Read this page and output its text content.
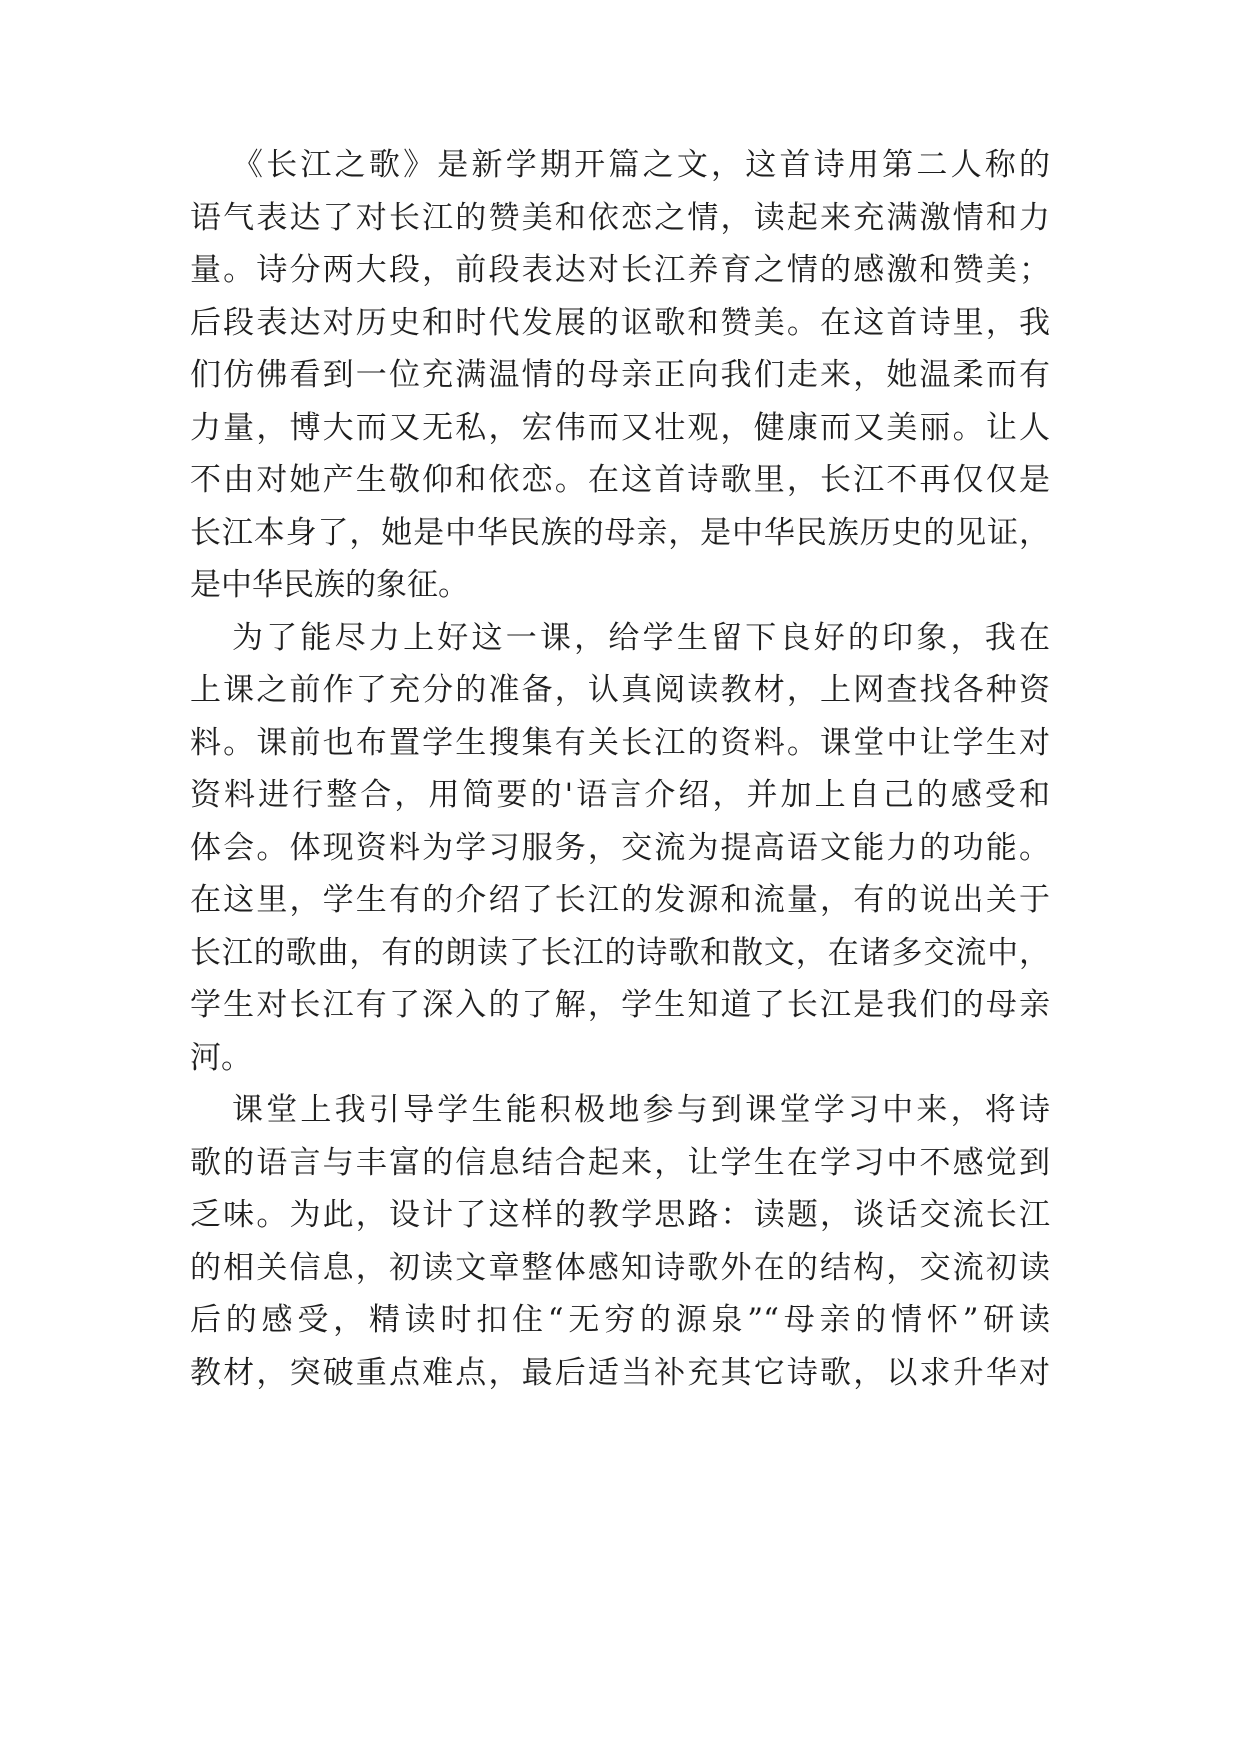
《长江之歌》是新学期开篇之文，这首诗用第二人称的
语气表达了对长江的赞美和依恋之情，读起来充满激情和力
量。诗分两大段，前段表达对长江养育之情的感激和赞美；
后段表达对历史和时代发展的讴歌和赞美。在这首诗里，我
们仿佛看到一位充满温情的母亲正向我们走来，她温柔而有
力量，博大而又无私，宏伟而又壮观，健康而又美丽。让人
不由对她产生敬仰和依恋。在这首诗歌里，长江不再仅仅是
长江本身了，她是中华民族的母亲，是中华民族历史的见证，
是中华民族的象征。
为了能尽力上好这一课，给学生留下良好的印象，我在
上课之前作了充分的准备，认真阅读教材，上网查找各种资
料。课前也布置学生搜集有关长江的资料。课堂中让学生对
资料进行整合，用简要的'语言介绍，并加上自己的感受和
体会。体现资料为学习服务，交流为提高语文能力的功能。
在这里，学生有的介绍了长江的发源和流量，有的说出关于
长江的歌曲，有的朗读了长江的诗歌和散文，在诸多交流中，
学生对长江有了深入的了解，学生知道了长江是我们的母亲
河。
课堂上我引导学生能积极地参与到课堂学习中来，将诗
歌的语言与丰富的信息结合起来，让学生在学习中不感觉到
乏味。为此，设计了这样的教学思路：读题，谈话交流长江
的相关信息，初读文章整体感知诗歌外在的结构，交流初读
后的感受，精读时扣住“无穷的源泉”“母亲的情怀”研读
教材，突破重点难点，最后适当补充其它诗歌，以求升华对
